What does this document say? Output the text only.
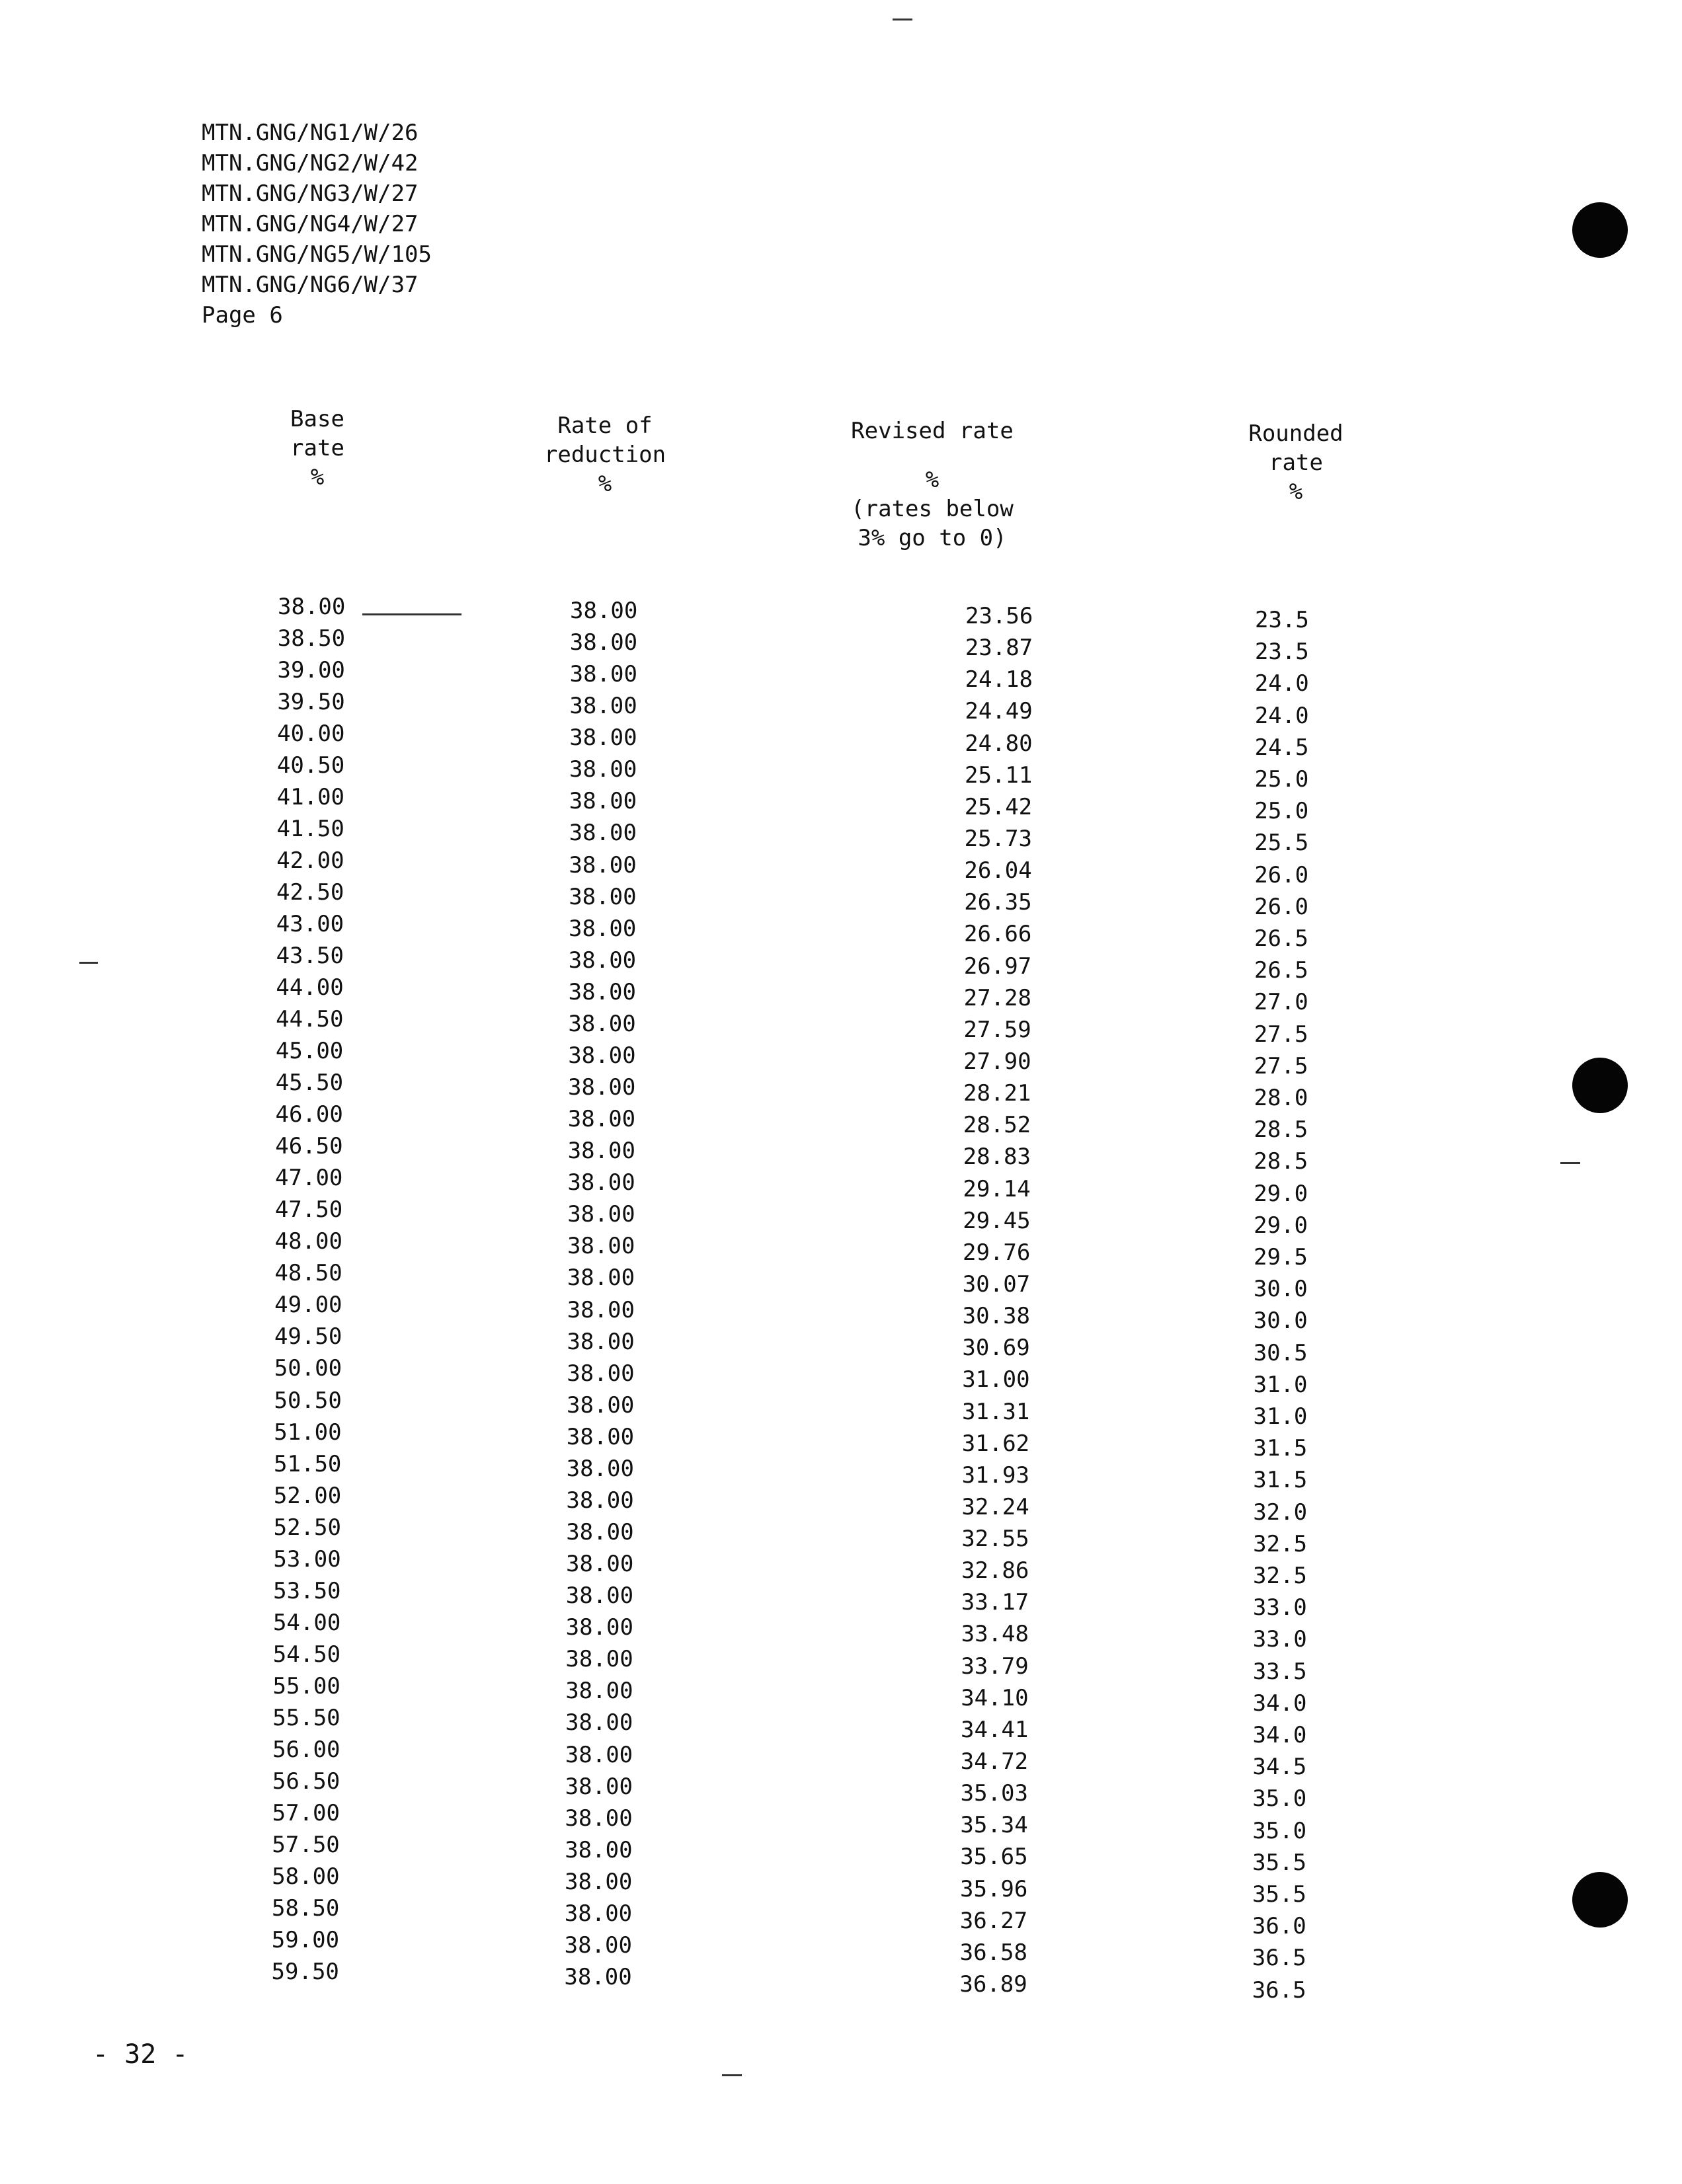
MTN.GNG/NG1/W/26
MTN.GNG/NG2/W/42
MTN.GNG/NG3/W/27
MTN.GNG/NG4/W/27
MTN.GNG/NG5/W/105
MTN.GNG/NG6/W/37
Page 6
Base
rate
%
Rate of
reduction
%
Revised rate
%
(rates below
3% go to 0)
Rounded
rate
%
38.00	38.00	23.56	23.5
38.50	38.00	23.87	23.5
39.00	38.00	24.18	24.0
39.50	38.00	24.49	24.0
40.00	38.00	24.80	24.5
40.50	38.00	25.11	25.0
41.00	38.00	25.42	25.0
41.50	38.00	25.73	25.5
42.00	38.00	26.04	26.0
42.50	38.00	26.35	26.0
43.00	38.00	26.66	26.5
43.50	38.00	26.97	26.5
44.00	38.00	27.28	27.0
44.50	38.00	27.59	27.5
45.00	38.00	27.90	27.5
45.50	38.00	28.21	28.0
46.00	38.00	28.52	28.5
46.50	38.00	28.83	28.5
47.00	38.00	29.14	29.0
47.50	38.00	29.45	29.0
48.00	38.00	29.76	29.5
48.50	38.00	30.07	30.0
49.00	38.00	30.38	30.0
49.50	38.00	30.69	30.5
50.00	38.00	31.00	31.0
50.50	38.00	31.31	31.0
51.00	38.00	31.62	31.5
51.50	38.00	31.93	31.5
52.00	38.00	32.24	32.0
52.50	38.00	32.55	32.5
53.00	38.00	32.86	32.5
53.50	38.00	33.17	33.0
54.00	38.00	33.48	33.0
54.50	38.00	33.79	33.5
55.00	38.00	34.10	34.0
55.50	38.00	34.41	34.0
56.00	38.00	34.72	34.5
56.50	38.00	35.03	35.0
57.00	38.00	35.34	35.0
57.50	38.00	35.65	35.5
58.00	38.00	35.96	35.5
58.50	38.00	36.27	36.0
59.00	38.00	36.58	36.5
59.50	38.00	36.89	36.5
- 32 -
